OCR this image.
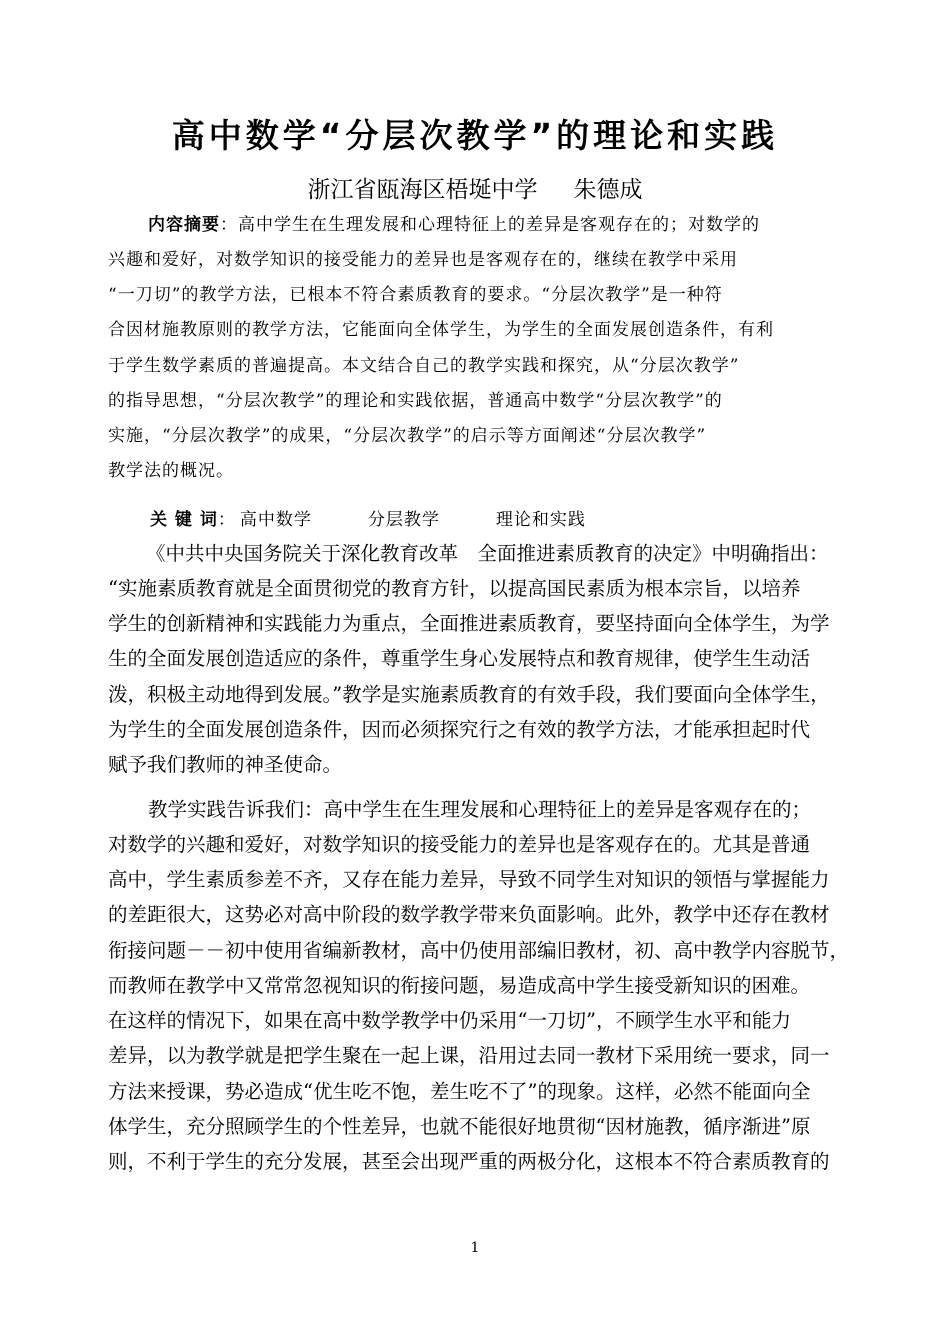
高中数学“分层次教学”的理论和实践
浙江省瓯海区梧埏中学 朱德成
内容摘要：高中学生在生理发展和心理特征上的差异是客观存在的；对数学的
兴趣和爱好，对数学知识的接受能力的差异也是客观存在的，继续在教学中采用
“一刀切”的教学方法，已根本不符合素质教育的要求。“分层次教学”是一种符
合因材施教原则的教学方法，它能面向全体学生，为学生的全面发展创造条件，有利
于学生数学素质的普遍提高。本文结合自己的教学实践和探究，从“分层次教学”
的指导思想，“分层次教学”的理论和实践依据，普通高中数学“分层次教学”的
实施，“分层次教学”的成果，“分层次教学”的启示等方面阐述“分层次教学”
教学法的概况。
关 键 词： 高中数学	分层教学	理论和实践
《中共中央国务院关于深化教育改革　全面推进素质教育的决定》中明确指出：
“实施素质教育就是全面贯彻党的教育方针，以提高国民素质为根本宗旨，以培养
学生的创新精神和实践能力为重点，全面推进素质教育，要坚持面向全体学生，为学
生的全面发展创造适应的条件，尊重学生身心发展特点和教育规律，使学生生动活
泼，积极主动地得到发展。”教学是实施素质教育的有效手段，我们要面向全体学生，
为学生的全面发展创造条件，因而必须探究行之有效的教学方法，才能承担起时代
赋予我们教师的神圣使命。
教学实践告诉我们：高中学生在生理发展和心理特征上的差异是客观存在的；
对数学的兴趣和爱好，对数学知识的接受能力的差异也是客观存在的。尤其是普通
高中，学生素质参差不齐，又存在能力差异，导致不同学生对知识的领悟与掌握能力
的差距很大，这势必对高中阶段的数学教学带来负面影响。此外，教学中还存在教材
衔接问题－－初中使用省编新教材，高中仍使用部编旧教材，初、高中教学内容脱节，
而教师在教学中又常常忽视知识的衔接问题，易造成高中学生接受新知识的困难。
在这样的情况下，如果在高中数学教学中仍采用“一刀切”，不顾学生水平和能力
差异，以为教学就是把学生聚在一起上课，沿用过去同一教材下采用统一要求，同一
方法来授课，势必造成“优生吃不饱，差生吃不了”的现象。这样，必然不能面向全
体学生，充分照顾学生的个性差异，也就不能很好地贯彻“因材施教，循序渐进”原
则，不利于学生的充分发展，甚至会出现严重的两极分化，这根本不符合素质教育的
1
